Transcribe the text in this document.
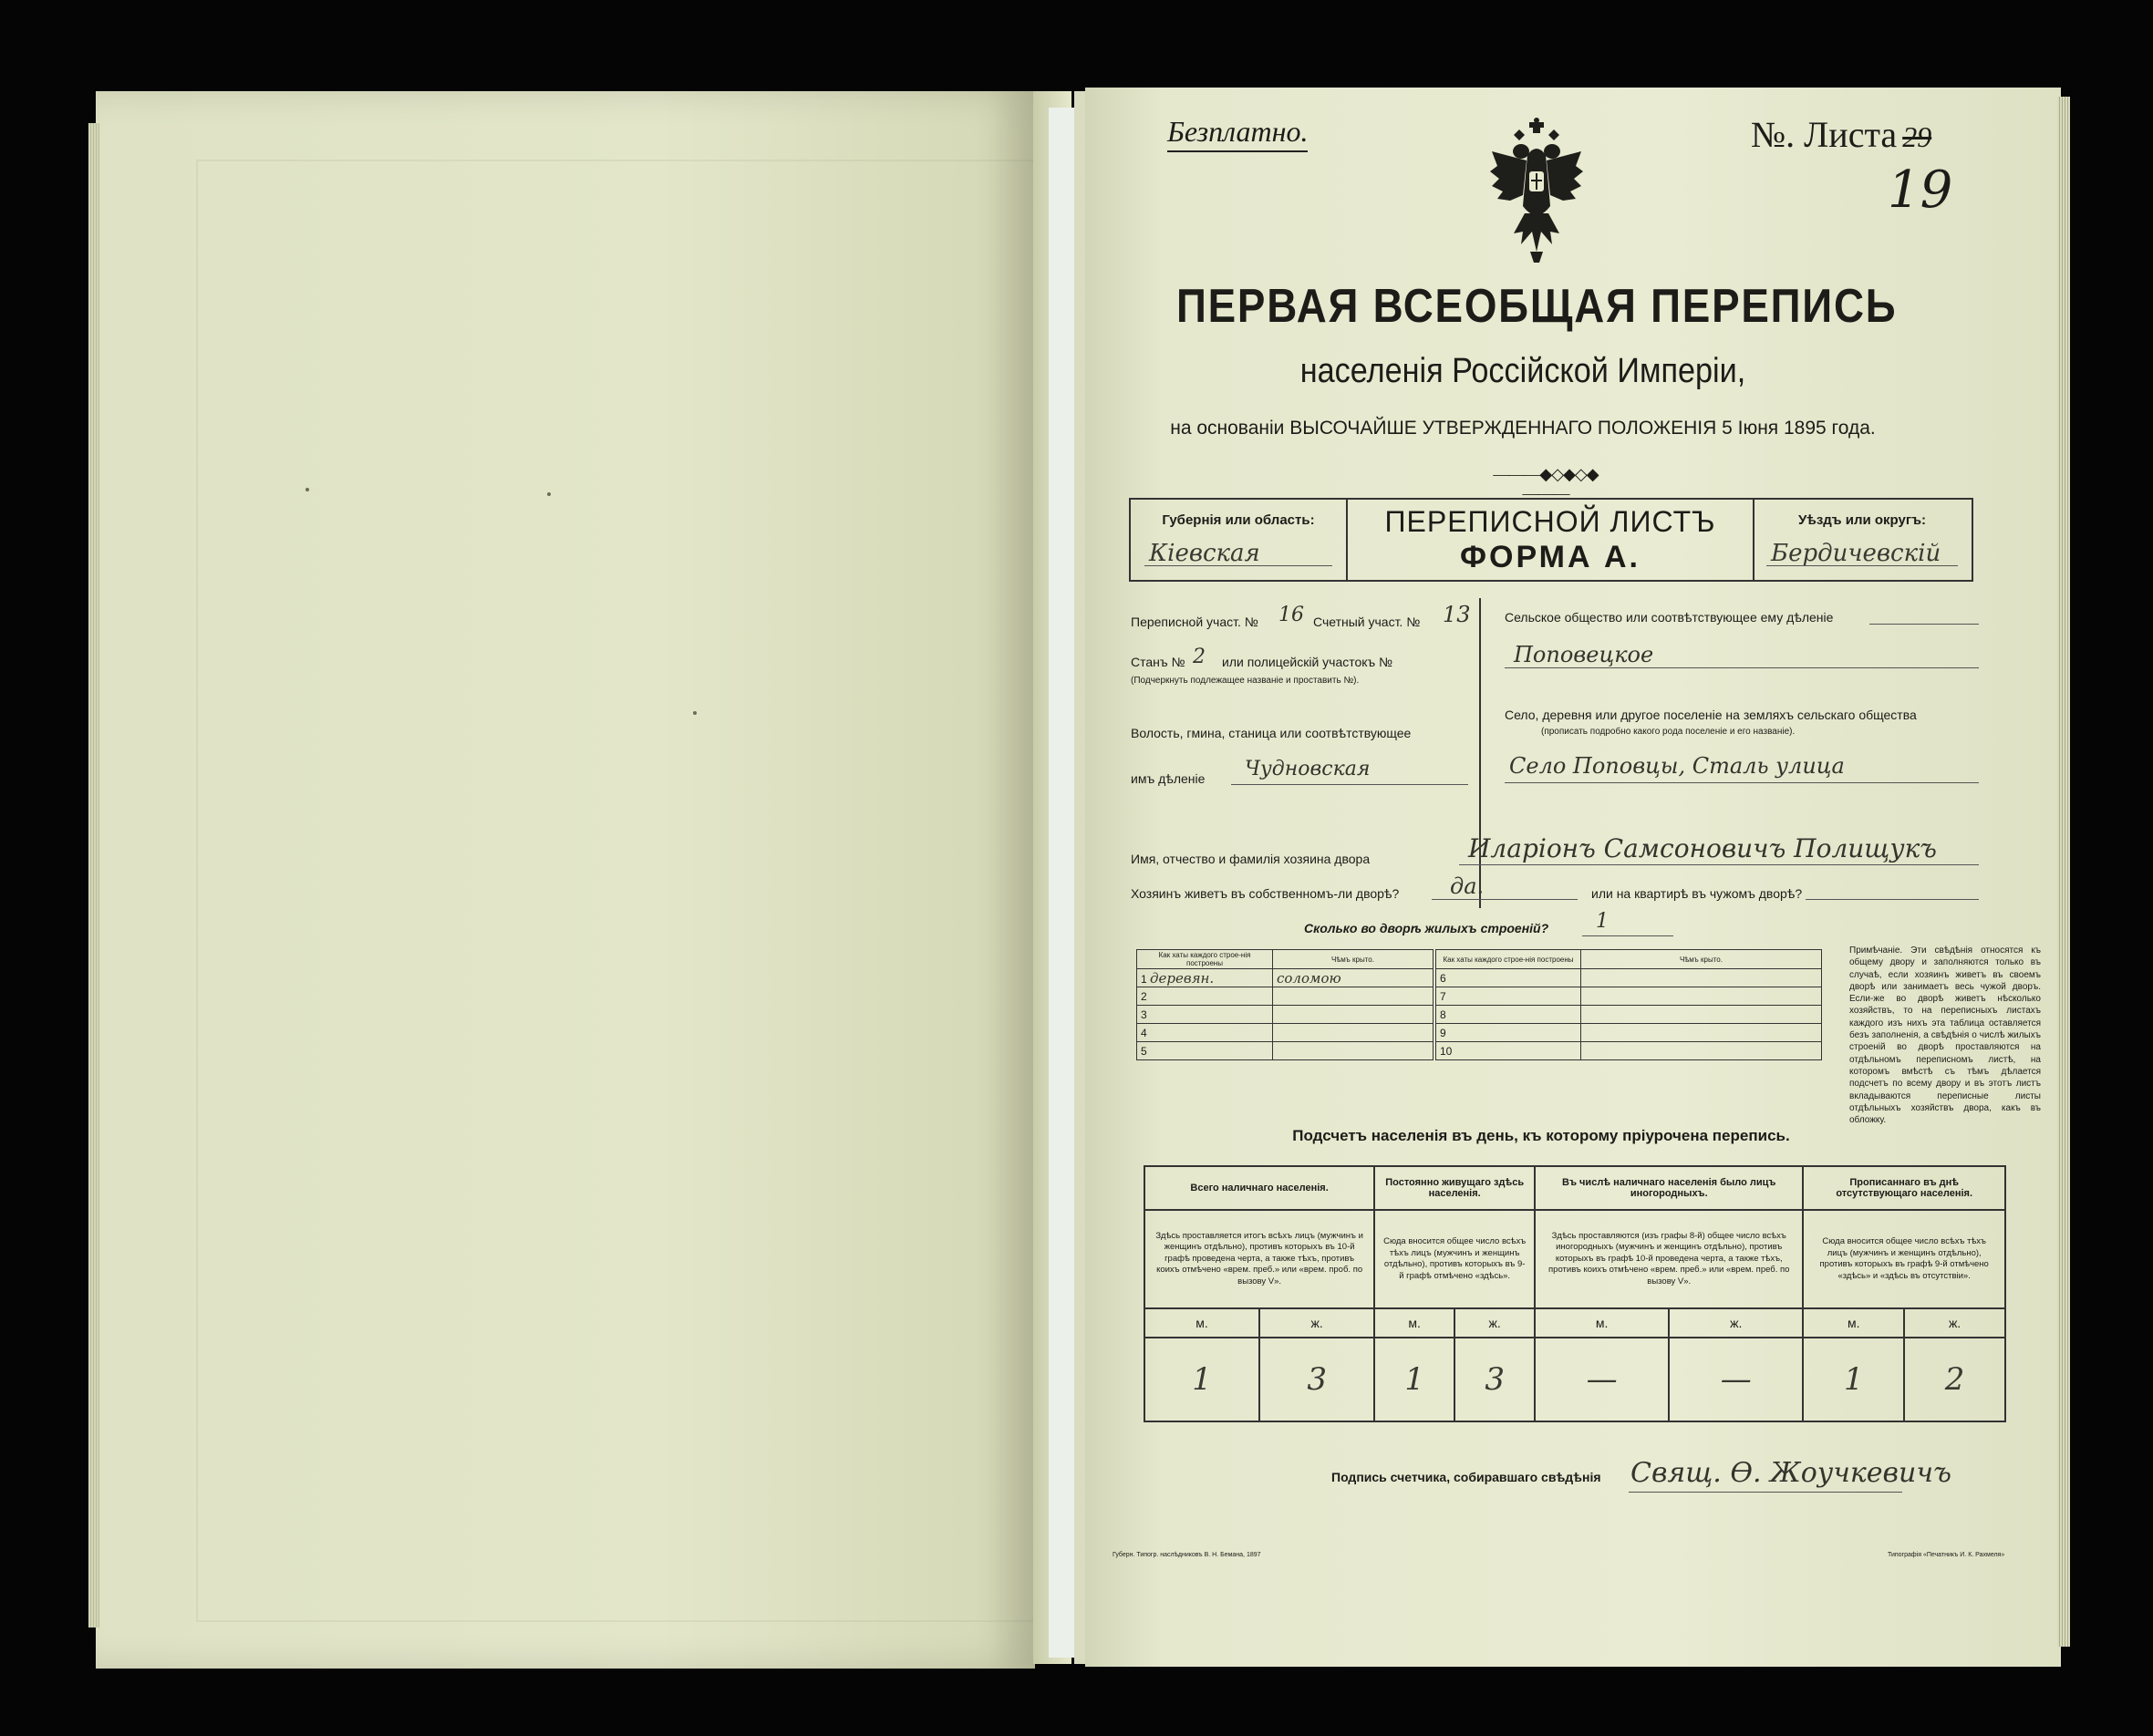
Безплатно.	№. Листа 29
19
ПЕРВАЯ ВСЕОБЩАЯ ПЕРЕПИСЬ
населенія Россійской Имперіи,
на основаніи ВЫСОЧАЙШЕ УТВЕРЖДЕННАГО ПОЛОЖЕНІЯ 5 Іюня 1895 года.
———◆◇◆◇◆———
Губернія или область:
Кіевская
ПЕРЕПИСНОЙ ЛИСТЪ
ФОРМА А.
Уѣздъ или округъ:
Бердичевскій
Переписной участ. № 16 Счетный участ. № 13
Станъ № 2 или полицейскій участокъ №
(Подчеркнуть подлежащее названіе и проставить №).
Волость, гмина, станица или соотвѣтствующее
имъ дѣленіе Чудновская
Сельское общество или соотвѣтствующее ему дѣленіе
Поповецкое
Село, деревня или другое поселеніе на земляхъ сельскаго общества
(прописать подробно какого рода поселеніе и его названіе).
Село Поповцы, Сталь улица
Имя, отчество и фамилія хозяина двора	Иларіонъ Самсоновичъ Полищукъ
Хозяинъ живетъ въ собственномъ-ли дворѣ? да.	или на квартирѣ въ чужомъ дворѣ?
Сколько во дворѣ жилыхъ строеній? 1
Как хаты каждого строе-нія построены	Чѣмъ крыто.
1 деревян.	соломою
2	
3	
4	
5	
Как хаты каждого строе-нія построены	Чѣмъ крыто.
6	
7	
8	
9	
10	
Примѣчаніе. Эти свѣдѣнія относятся къ общему двору и заполняются только въ случаѣ, если хозяинъ живетъ въ своемъ дворѣ или занимаетъ весь чужой дворъ. Если-же во дворѣ живетъ нѣсколько хозяйствъ, то на переписныхъ листахъ каждого изъ нихъ эта таблица оставляется безъ заполненія, а свѣдѣнія о числѣ жилыхъ строеній во дворѣ проставляются на отдѣльномъ переписномъ листѣ, на которомъ вмѣстѣ съ тѣмъ дѣлается подсчетъ по всему двору и въ этотъ листъ вкладываются переписные листы отдѣльныхъ хозяйствъ двора, какъ въ обложку.
Подсчетъ населенія въ день, къ которому пріурочена перепись.
Всего наличнаго населенія.		Постоянно живущаго здѣсь населенія.		Въ числѣ наличнаго населенія было лицъ иногородныхъ.		Прописаннаго въ днѣ отсутствующаго населенія.	
Здѣсь проставляется итогъ всѣхъ лицъ (мужчинъ и женщинъ отдѣльно), противъ которыхъ въ 10-й графѣ проведена черта, а также тѣхъ, противъ коихъ отмѣчено «врем. преб.» или «врем. проб. по вызову V».		Сюда вносится общее число всѣхъ тѣхъ лицъ (мужчинъ и женщинъ отдѣльно), противъ которыхъ въ 9-й графѣ отмѣчено «здѣсь».		Здѣсь проставляются (изъ графы 8-й) общее число всѣхъ иногородныхъ (мужчинъ и женщинъ отдѣльно), противъ которыхъ въ графѣ 10-й проведена черта, а также тѣхъ, противъ коихъ отмѣчено «врем. преб.» или «врем. преб. по вызову V».		Сюда вносится общее число всѣхъ тѣхъ лицъ (мужчинъ и женщинъ отдѣльно), противъ которыхъ въ графѣ 9-й отмѣчено «здѣсь» и «здѣсь въ отсутствіи».	
м.	ж.	м.	ж.	м.	ж.	м.	ж.
1	3	1	3	—	—	1	2
Подпись счетчика, собиравшаго свѣдѣнія Свящ. Ѳ. Жоучкевичъ
Губерн. Типогр. наслѣдниковъ В. Н. Бемана, 1897	Типографія «Печатникъ И. К. Рахмеля»
